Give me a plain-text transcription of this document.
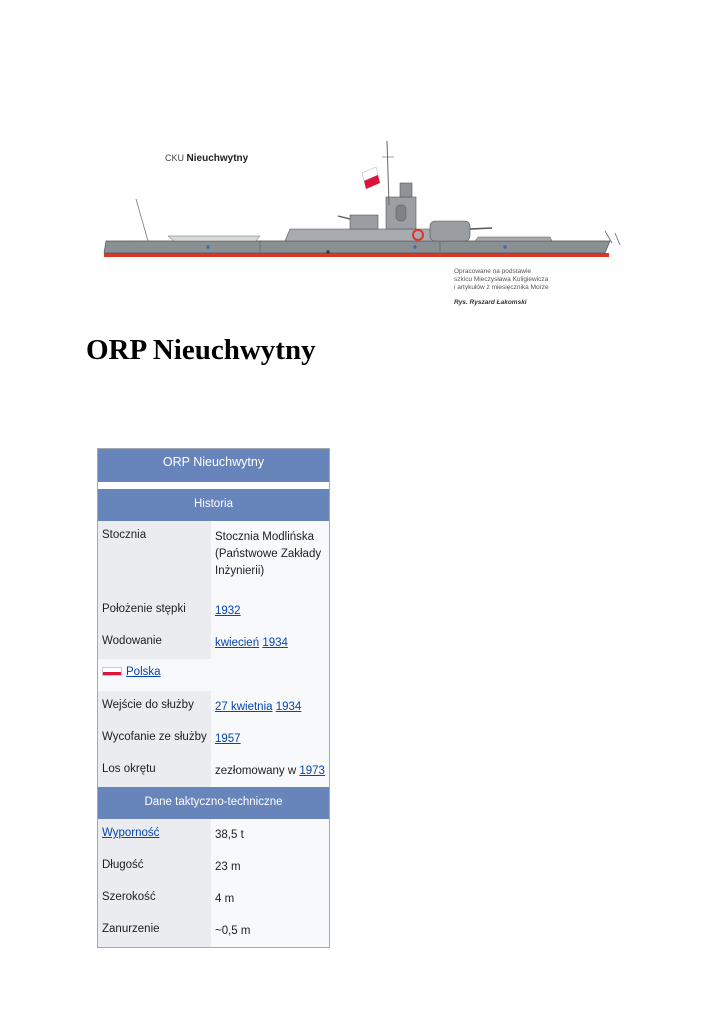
CKU Nieuchwytny
Opracowane na podstawie
szkicu Mieczysława Kuligiewicza
i artykułów z miesięcznika Morze
Rys. Ryszard Łakomski
ORP Nieuchwytny
ORP Nieuchwytny
Historia
Stocznia	Stocznia Modlińska (Państwowe Zakłady Inżynierii)
Położenie stępki	1932
Wodowanie	kwiecień 1934
Polska
Wejście do służby	27 kwietnia 1934
Wycofanie ze służby 1957
Los okrętu	zezłomowany w 1973
Dane taktyczno-techniczne
Wyporność	38,5 t
Długość	23 m
Szerokość	4 m
Zanurzenie	~0,5 m
